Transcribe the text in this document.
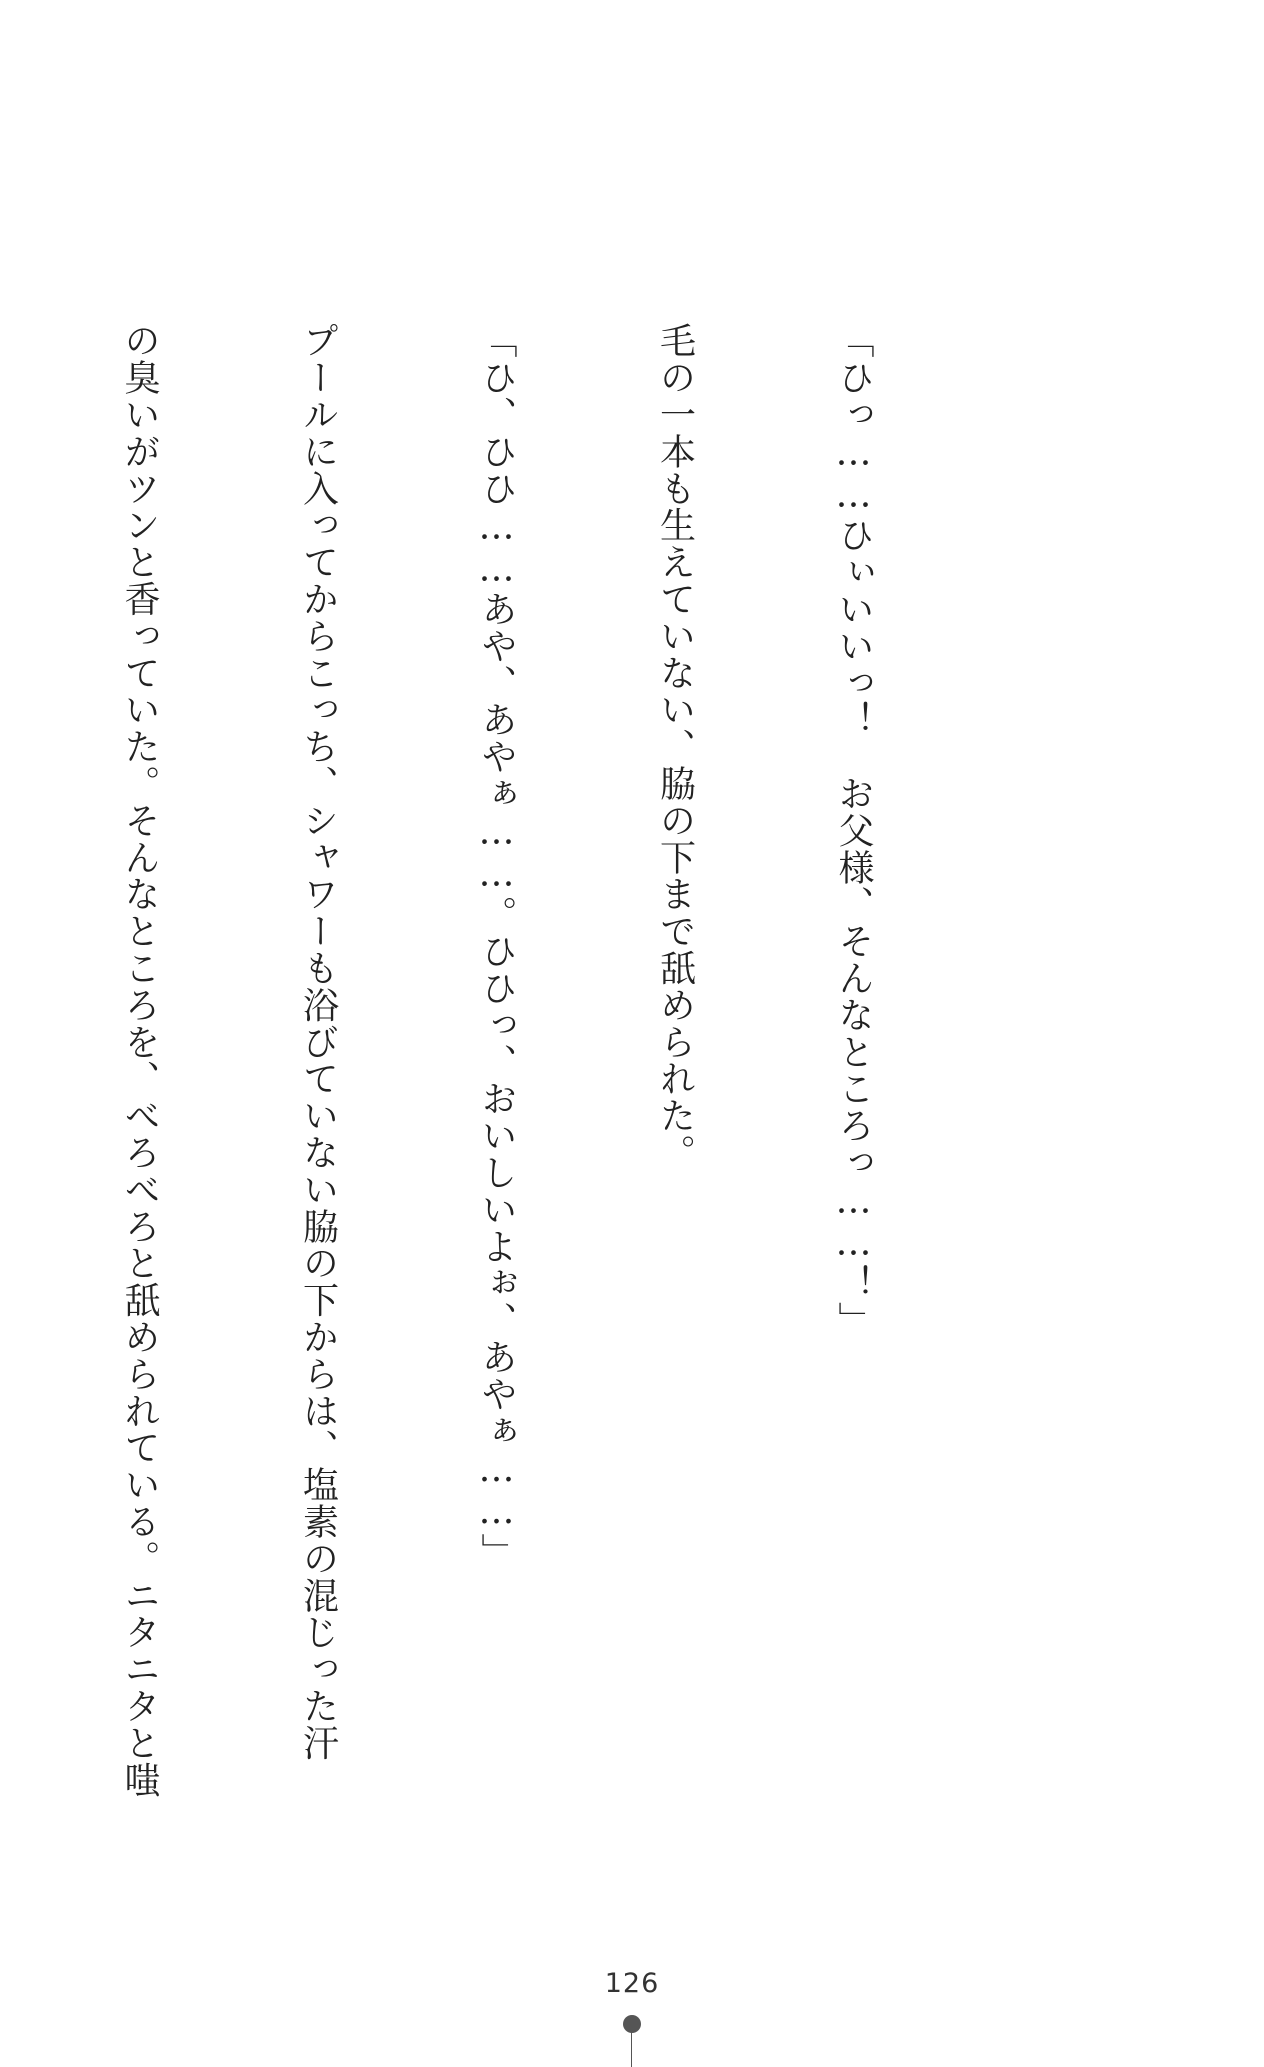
「ひっ……ひぃいいっ！　お父様、そんなところっ……！」

毛の一本も生えていない、脇の下まで舐められた。

「ひ、ひひ……あや、あやぁ……。ひひっ、おいしいよぉ、あやぁ……」

プールに入ってからこっち、シャワーも浴びていない脇の下からは、塩素の混じった汗

の臭いがツンと香っていた。そんなところを、べろべろと舐められている。ニタニタと嗤

126
